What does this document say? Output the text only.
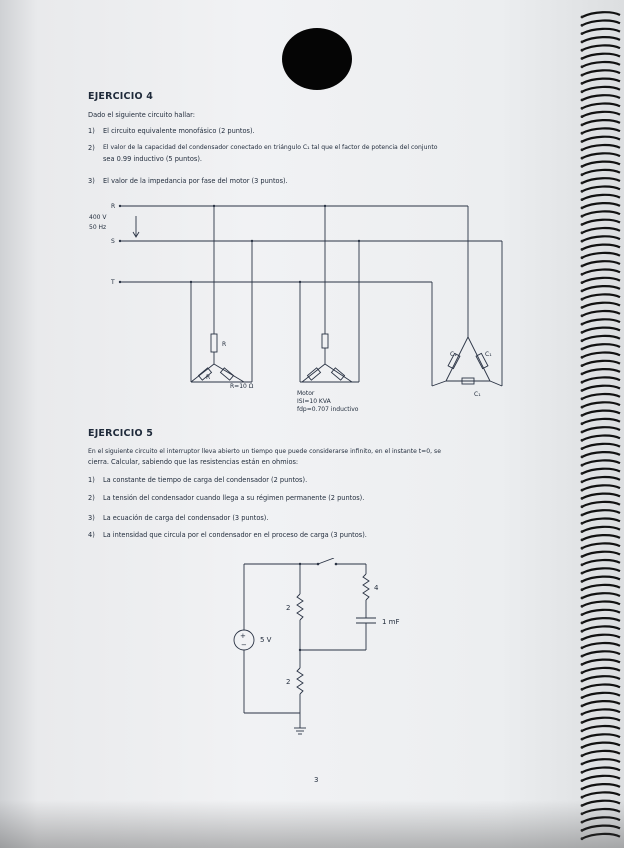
EJERCICIO 4
Dado el siguiente circuito hallar:
1) El circuito equivalente monofásico (2 puntos).
2) El valor de la capacidad del condensador conectado en triángulo C₁ tal que el factor de potencia del conjunto
sea 0.99 inductivo (5 puntos).
3) El valor de la impedancia por fase del motor (3 puntos).
R
S
T
400 V
50 Hz
R
R
R=10 Ω
Motor
ISI=10 KVA
fdp=0.707 inductivo
C₁	C₁
C₁
EJERCICIO 5
En el siguiente circuito el interruptor lleva abierto un tiempo que puede considerarse infinito, en el instante t=0, se
cierra. Calcular, sabiendo que las resistencias están en ohmios:
1) La constante de tiempo de carga del condensador (2 puntos).
2) La tensión del condensador cuando llega a su régimen permanente (2 puntos).
3) La ecuación de carga del condensador (3 puntos).
4) La intensidad que circula por el condensador en el proceso de carga (3 puntos).
+
−
5 V
2
2
4
1 mF
3
